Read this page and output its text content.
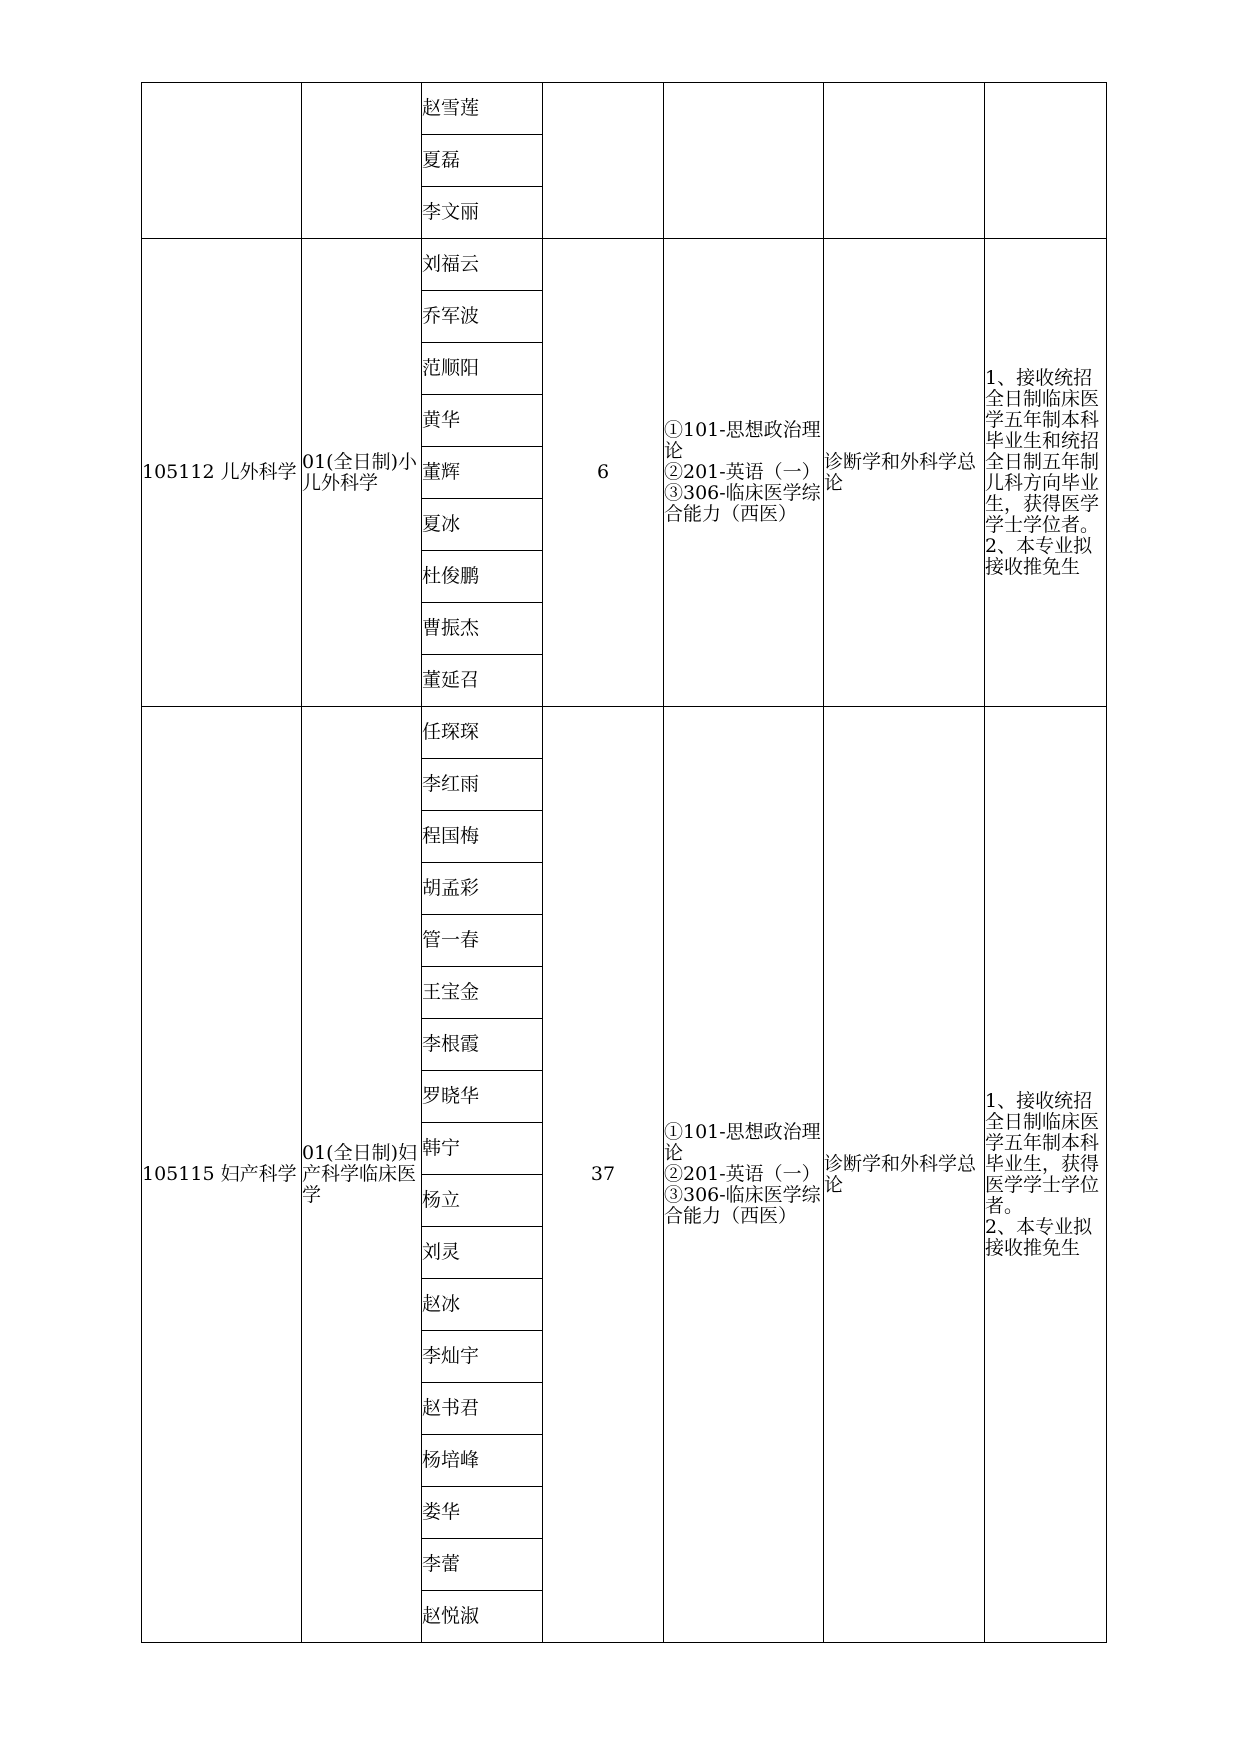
		赵雪莲				
		夏磊				
		李文丽				
105112 儿外科学	01(全日制)小儿外科学	刘福云	6	①101-思想政治理论
②201-英语（一）
③306-临床医学综合能力（西医）	诊断学和外科学总论	1、接收统招全日制临床医学五年制本科毕业生和统招全日制五年制儿科方向毕业生，获得医学学士学位者。
2、本专业拟接收推免生

		乔军波				
		范顺阳				
		黄华				
		董辉				
		夏冰				
		杜俊鹏				
		曹振杰				
		董延召				
105115 妇产科学	01(全日制)妇产科学临床医学	任琛琛	37	①101-思想政治理论
②201-英语（一）
③306-临床医学综合能力（西医）	诊断学和外科学总论	1、接收统招全日制临床医学五年制本科毕业生，获得医学学士学位者。
2、本专业拟接收推免生

		李红雨				
		程国梅				
		胡孟彩				
		管一春				
		王宝金				
		李根霞				
		罗晓华				
		韩宁				
		杨立				
		刘灵				
		赵冰				
		李灿宇				
		赵书君				
		杨培峰				
		娄华				
		李蕾				
		赵悦淑				
